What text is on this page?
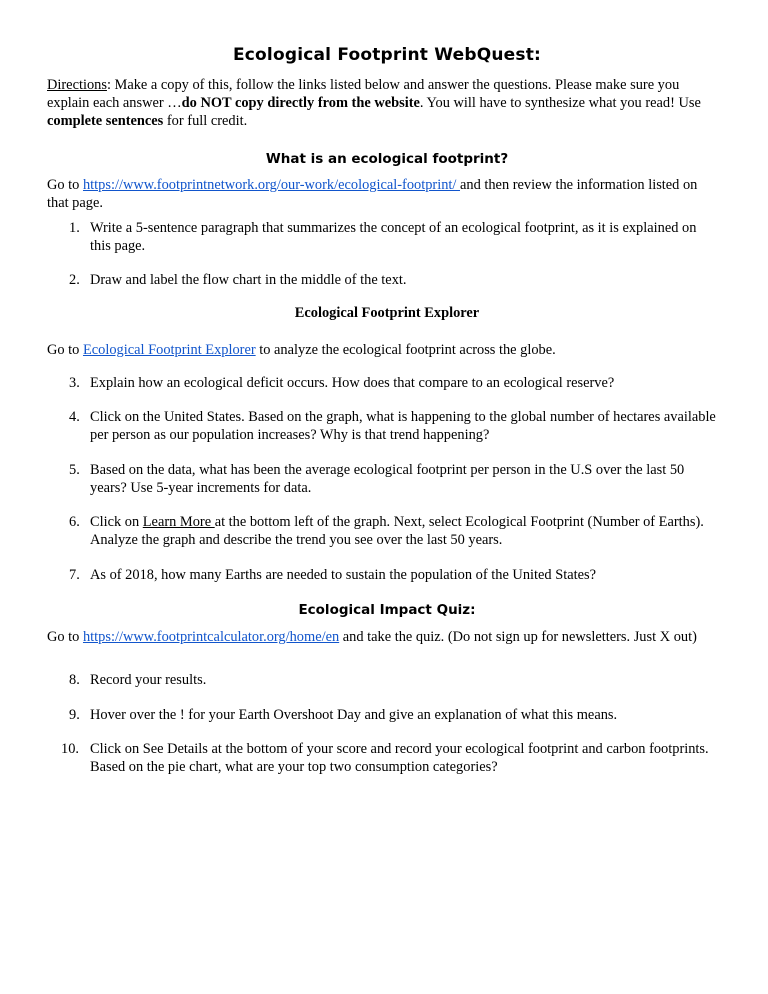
Ecological Footprint WebQuest:
Directions: Make a copy of this, follow the links listed below and answer the questions. Please make sure you explain each answer …do NOT copy directly from the website. You will have to synthesize what you read! Use complete sentences for full credit.
What is an ecological footprint?
Go to https://www.footprintnetwork.org/our-work/ecological-footprint/ and then review the information listed on that page.
1. Write a 5-sentence paragraph that summarizes the concept of an ecological footprint, as it is explained on this page.
2. Draw and label the flow chart in the middle of the text.
Ecological Footprint Explorer
Go to Ecological Footprint Explorer to analyze the ecological footprint across the globe.
3. Explain how an ecological deficit occurs. How does that compare to an ecological reserve?
4. Click on the United States. Based on the graph, what is happening to the global number of hectares available per person as our population increases? Why is that trend happening?
5. Based on the data, what has been the average ecological footprint per person in the U.S over the last 50 years? Use 5-year increments for data.
6. Click on Learn More at the bottom left of the graph. Next, select Ecological Footprint (Number of Earths). Analyze the graph and describe the trend you see over the last 50 years.
7. As of 2018, how many Earths are needed to sustain the population of the United States?
Ecological Impact Quiz:
Go to https://www.footprintcalculator.org/home/en and take the quiz. (Do not sign up for newsletters. Just X out)
8. Record your results.
9. Hover over the ! for your Earth Overshoot Day and give an explanation of what this means.
10. Click on See Details at the bottom of your score and record your ecological footprint and carbon footprints. Based on the pie chart, what are your top two consumption categories?
